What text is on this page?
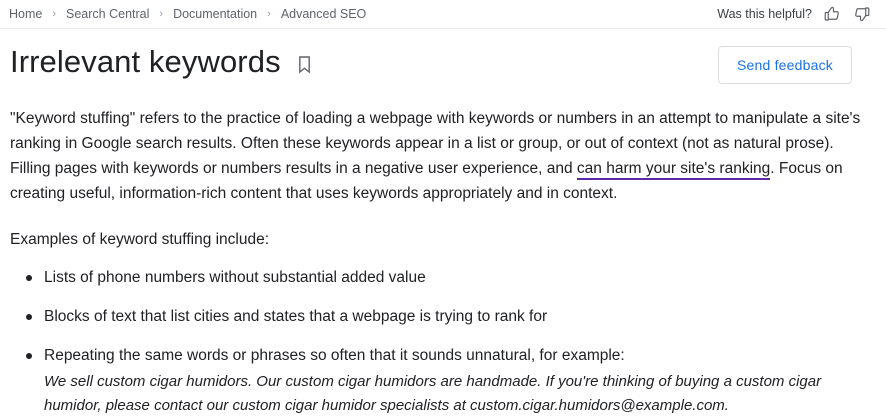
Home › Search Central › Documentation › Advanced SEO	Was this helpful?
Irrelevant keywords	Send feedback

"Keyword stuffing" refers to the practice of loading a webpage with keywords or numbers in an attempt to manipulate a site's ranking in Google search results. Often these keywords appear in a list or group, or out of context (not as natural prose). Filling pages with keywords or numbers results in a negative user experience, and can harm your site's ranking. Focus on creating useful, information-rich content that uses keywords appropriately and in context.

Examples of keyword stuffing include:

Lists of phone numbers without substantial added value
Blocks of text that list cities and states that a webpage is trying to rank for
Repeating the same words or phrases so often that it sounds unnatural, for example:
We sell custom cigar humidors. Our custom cigar humidors are handmade. If you're thinking of buying a custom cigar humidor, please contact our custom cigar humidor specialists at custom.cigar.humidors@example.com.
